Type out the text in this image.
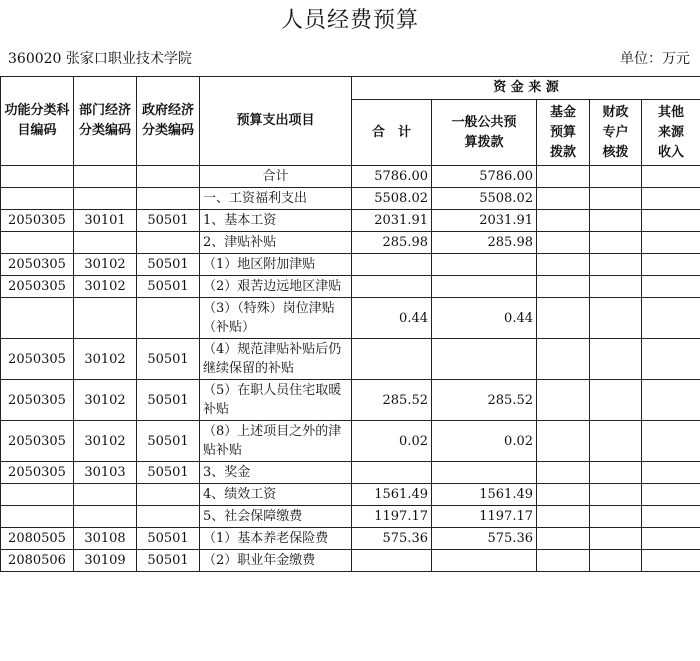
人员经费预算
360020 张家口职业技术学院	单位：万元
功能分类科目编码	部门经济分类编码	政府经济分类编码	预算支出项目	资 金 来 源				
				合　计	一般公共预算拨款	基金预算拨款	财政专户核拨	其他来源收入
			合计	5786.00	5786.00			
			一、工资福利支出	5508.02	5508.02			
2050305	30101	50501	1、基本工资	2031.91	2031.91			
			2、津贴补贴	285.98	285.98			
2050305	30102	50501	（1）地区附加津贴					
2050305	30102	50501	（2）艰苦边远地区津贴					
			（3）（特殊）岗位津贴（补贴）	0.44	0.44			
2050305	30102	50501	（4）规范津贴补贴后仍继续保留的补贴					
2050305	30102	50501	（5）在职人员住宅取暖补贴	285.52	285.52			
2050305	30102	50501	（8）上述项目之外的津贴补贴	0.02	0.02			
2050305	30103	50501	3、奖金					
			4、绩效工资	1561.49	1561.49			
			5、社会保障缴费	1197.17	1197.17			
2080505	30108	50501	（1）基本养老保险费	575.36	575.36			
2080506	30109	50501	（2）职业年金缴费					
